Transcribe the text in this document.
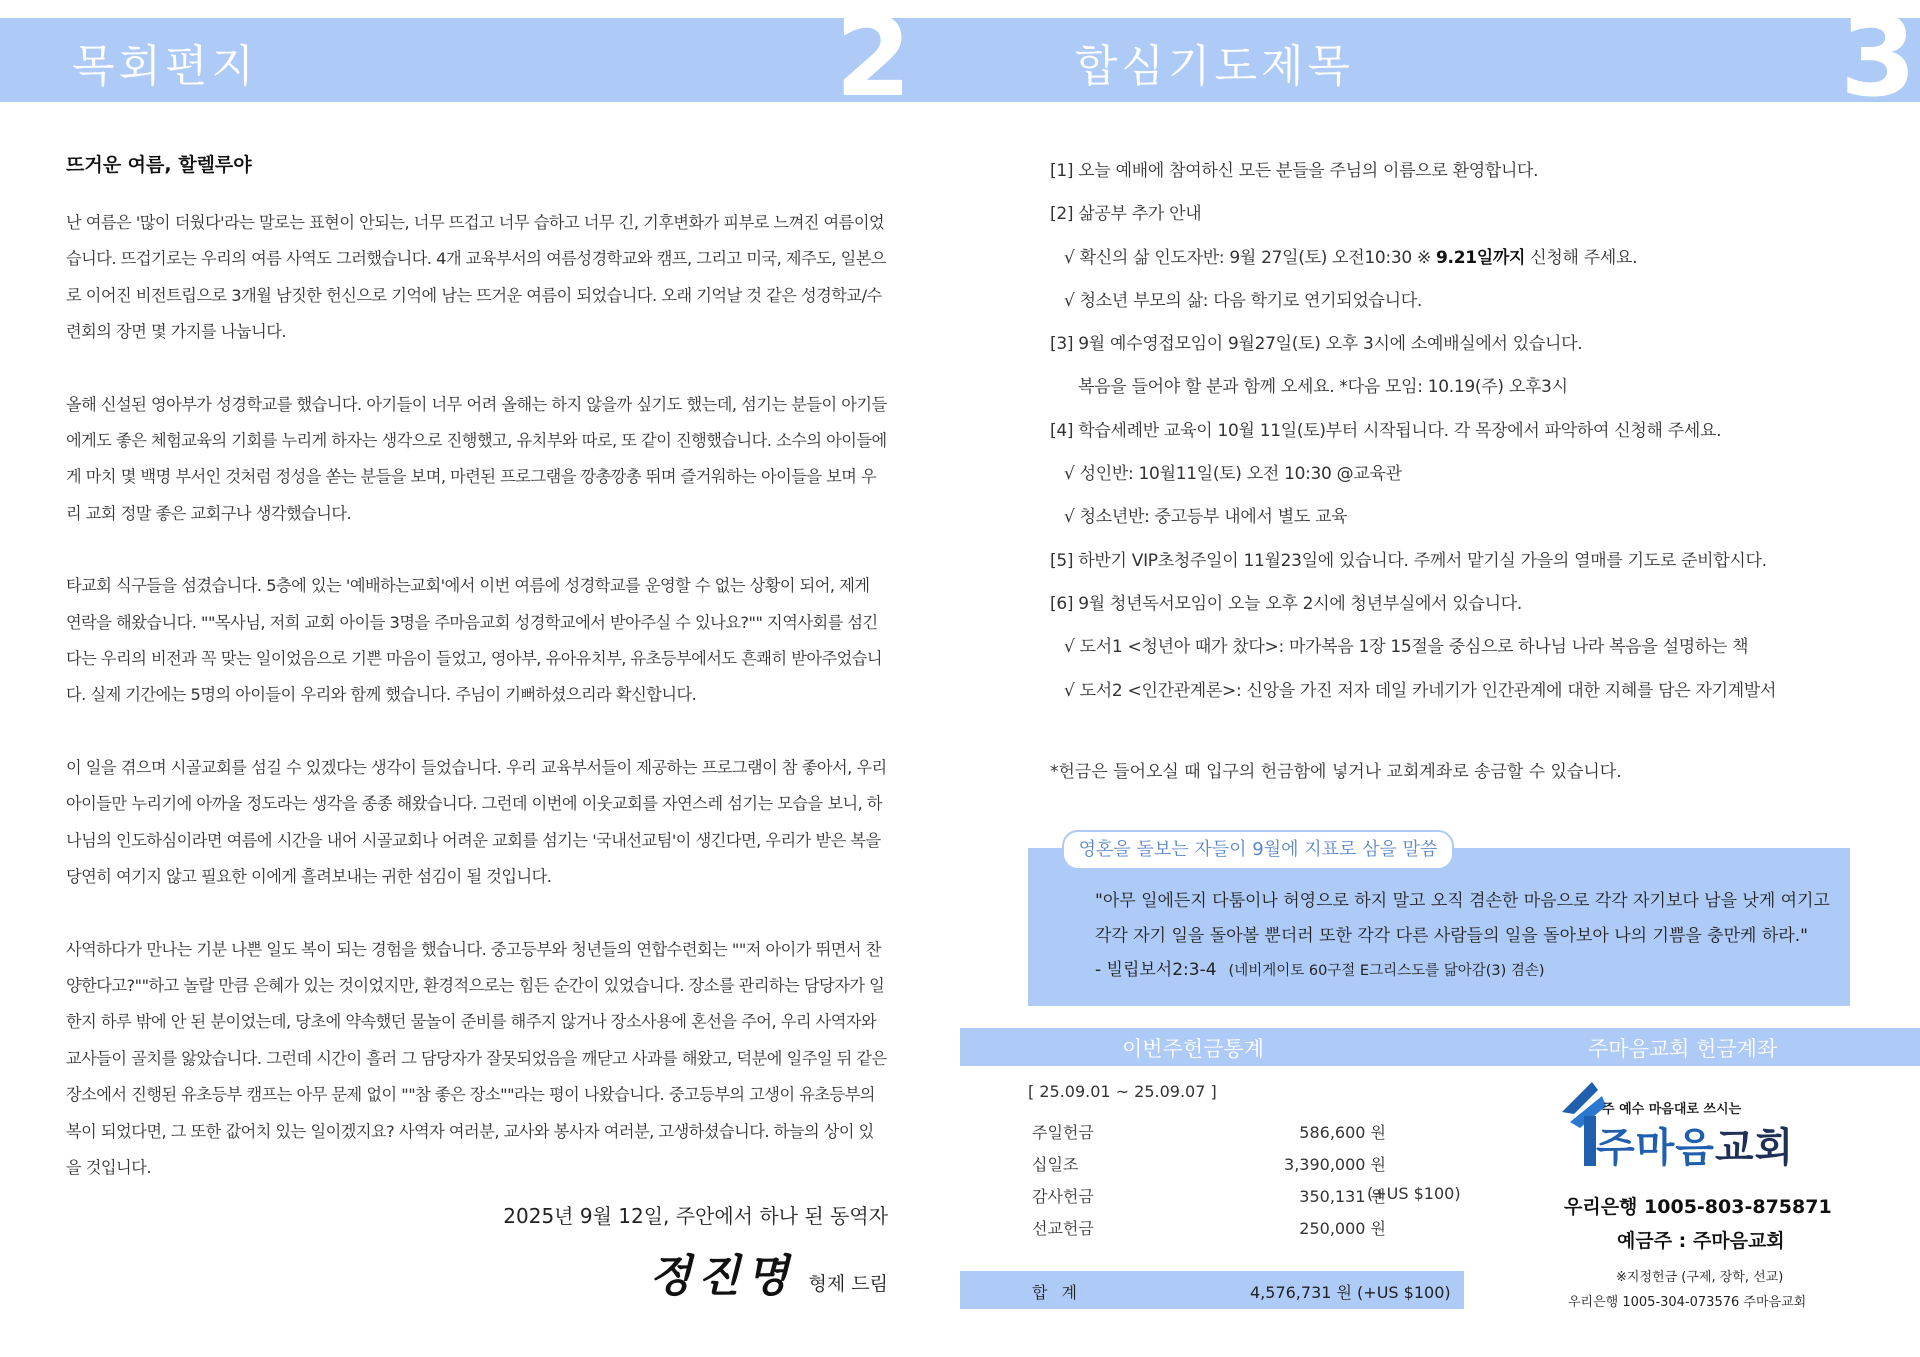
목회편지	2	합심기도제목	3
뜨거운 여름, 할렐루야

난 여름은 '많이 더웠다'라는 말로는 표현이 안되는, 너무 뜨겁고 너무 습하고 너무 긴, 기후변화가 피부로 느껴진 여름이었습니다. 뜨겁기로는 우리의 여름 사역도 그러했습니다. 4개 교육부서의 여름성경학교와 캠프, 그리고 미국, 제주도, 일본으로 이어진 비전트립으로 3개월 남짓한 헌신으로 기억에 남는 뜨거운 여름이 되었습니다. 오래 기억날 것 같은 성경학교/수련회의 장면 몇 가지를 나눕니다.

올해 신설된 영아부가 성경학교를 했습니다. 아기들이 너무 어려 올해는 하지 않을까 싶기도 했는데, 섬기는 분들이 아기들에게도 좋은 체험교육의 기회를 누리게 하자는 생각으로 진행했고, 유치부와 따로, 또 같이 진행했습니다. 소수의 아이들에게 마치 몇 백명 부서인 것처럼 정성을 쏟는 분들을 보며, 마련된 프로그램을 깡총깡총 뛰며 즐거워하는 아이들을 보며 우리 교회 정말 좋은 교회구나 생각했습니다.

타교회 식구들을 섬겼습니다. 5층에 있는 '예배하는교회'에서 이번 여름에 성경학교를 운영할 수 없는 상황이 되어, 제게 연락을 해왔습니다. ""목사님, 저희 교회 아이들 3명을 주마음교회 성경학교에서 받아주실 수 있나요?"" 지역사회를 섬긴다는 우리의 비전과 꼭 맞는 일이었음으로 기쁜 마음이 들었고, 영아부, 유아유치부, 유초등부에서도 흔쾌히 받아주었습니다. 실제 기간에는 5명의 아이들이 우리와 함께 했습니다. 주님이 기뻐하셨으리라 확신합니다.

이 일을 겪으며 시골교회를 섬길 수 있겠다는 생각이 들었습니다. 우리 교육부서들이 제공하는 프로그램이 참 좋아서, 우리 아이들만 누리기에 아까울 정도라는 생각을 종종 해왔습니다. 그런데 이번에 이웃교회를 자연스레 섬기는 모습을 보니, 하나님의 인도하심이라면 여름에 시간을 내어 시골교회나 어려운 교회를 섬기는 '국내선교팀'이 생긴다면, 우리가 받은 복을 당연히 여기지 않고 필요한 이에게 흘려보내는 귀한 섬김이 될 것입니다.

사역하다가 만나는 기분 나쁜 일도 복이 되는 경험을 했습니다. 중고등부와 청년들의 연합수련회는 ""저 아이가 뛰면서 찬양한다고?""하고 놀랄 만큼 은혜가 있는 것이었지만, 환경적으로는 힘든 순간이 있었습니다. 장소를 관리하는 담당자가 일한지 하루 밖에 안 된 분이었는데, 당초에 약속했던 물놀이 준비를 해주지 않거나 장소사용에 혼선을 주어, 우리 사역자와 교사들이 골치를 앓았습니다. 그런데 시간이 흘러 그 담당자가 잘못되었음을 깨닫고 사과를 해왔고, 덕분에 일주일 뒤 같은 장소에서 진행된 유초등부 캠프는 아무 문제 없이 ""참 좋은 장소""라는 평이 나왔습니다. 중고등부의 고생이 유초등부의 복이 되었다면, 그 또한 값어치 있는 일이겠지요? 사역자 여러분, 교사와 봉사자 여러분, 고생하셨습니다. 하늘의 상이 있을 것입니다.

2025년 9월 12일, 주안에서 하나 된 동역자
정진명 형제 드림
[1] 오늘 예배에 참여하신 모든 분들을 주님의 이름으로 환영합니다.
[2] 삶공부 추가 안내
√ 확신의 삶 인도자반: 9월 27일(토) 오전10:30 ※ 9.21일까지 신청해 주세요.
√ 청소년 부모의 삶: 다음 학기로 연기되었습니다.
[3] 9월 예수영접모임이 9월27일(토) 오후 3시에 소예배실에서 있습니다.
복음을 들어야 할 분과 함께 오세요. *다음 모임: 10.19(주) 오후3시
[4] 학습세례반 교육이 10월 11일(토)부터 시작됩니다. 각 목장에서 파악하여 신청해 주세요.
√ 성인반: 10월11일(토) 오전 10:30 @교육관
√ 청소년반: 중고등부 내에서 별도 교육
[5] 하반기 VIP초청주일이 11월23일에 있습니다. 주께서 맡기실 가을의 열매를 기도로 준비합시다.
[6] 9월 청년독서모임이 오늘 오후 2시에 청년부실에서 있습니다.
√ 도서1 <청년아 때가 찼다>: 마가복음 1장 15절을 중심으로 하나님 나라 복음을 설명하는 책
√ 도서2 <인간관계론>: 신앙을 가진 저자 데일 카네기가 인간관계에 대한 지혜를 담은 자기계발서
*헌금은 들어오실 때 입구의 헌금함에 넣거나 교회계좌로 송금할 수 있습니다.
영혼을 돌보는 자들이 9월에 지표로 삼을 말씀
"아무 일에든지 다툼이나 허영으로 하지 말고 오직 겸손한 마음으로 각각 자기보다 남을 낫게 여기고 각각 자기 일을 돌아볼 뿐더러 또한 각각 다른 사람들의 일을 돌아보아 나의 기쁨을 충만케 하라."
- 빌립보서2:3-4 (네비게이토 60구절 E그리스도를 닮아감(3) 겸손)
이번주헌금통계	주마음교회 헌금계좌
[ 25.09.01 ~ 25.09.07 ]
주일헌금	586,600 원
십일조	3,390,000 원
감사헌금	350,131 원
(+US $100)
선교헌금	250,000 원
합계	4,576,731 원 (+US $100)
주 예수 마음대로 쓰시는
주마음교회
우리은행 1005-803-875871
예금주 : 주마음교회
※지정헌금 (구제, 장학, 선교)
우리은행 1005-304-073576 주마음교회
